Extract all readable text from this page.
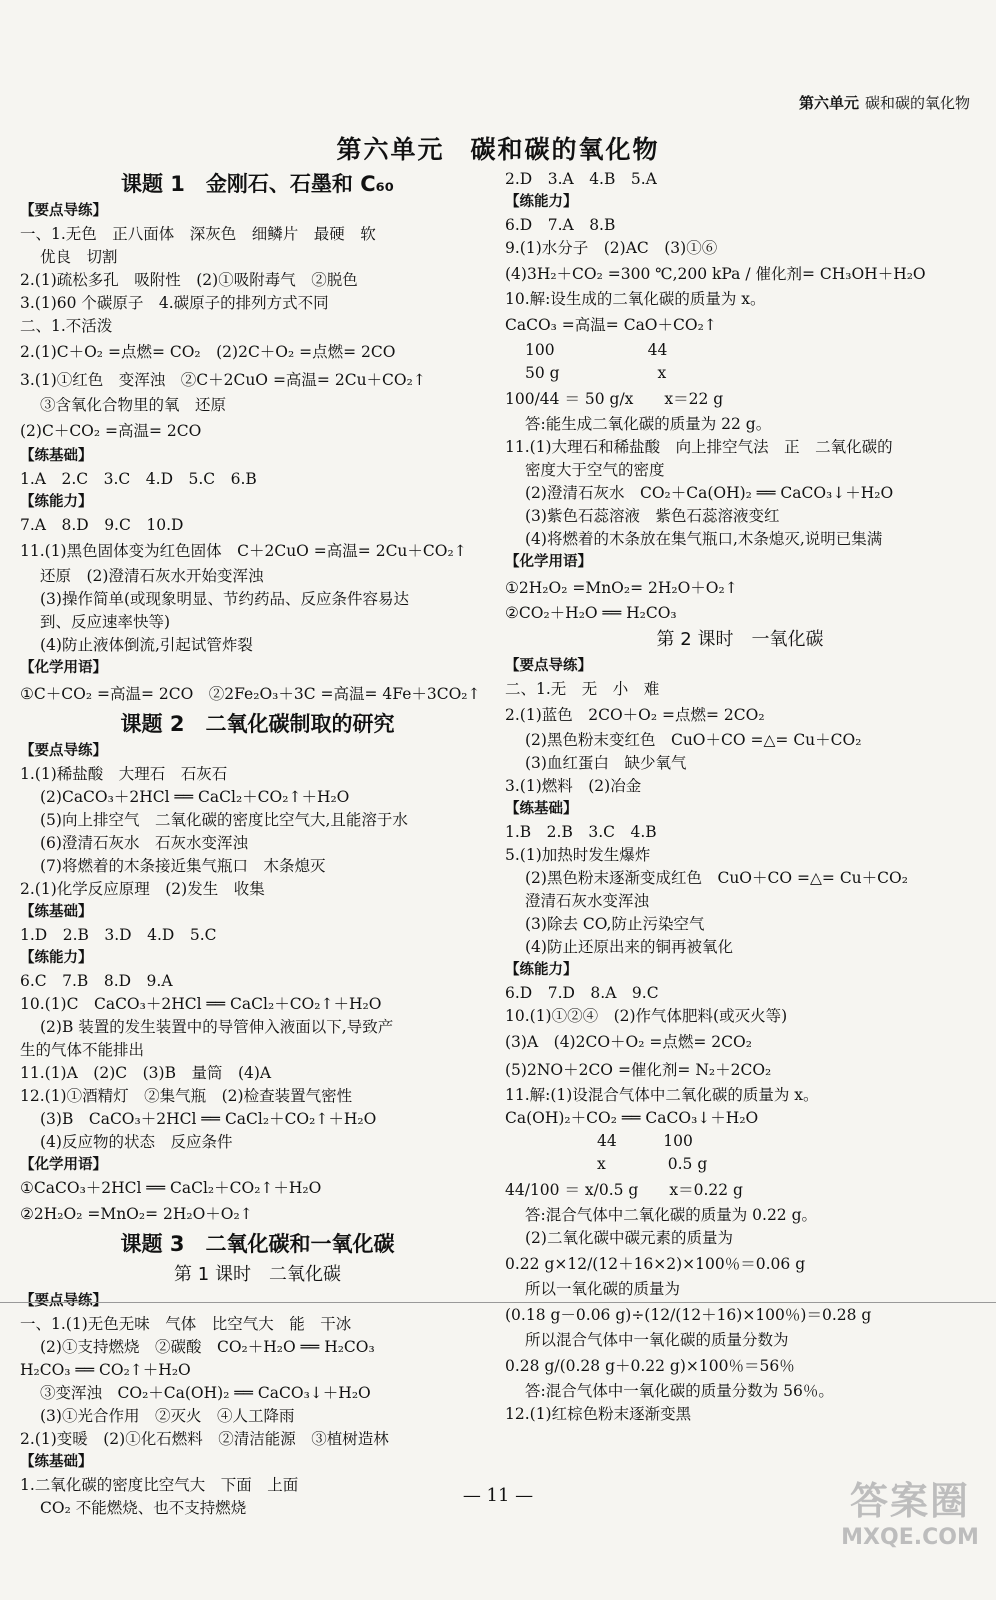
第六单元 碳和碳的氧化物
第六单元 碳和碳的氧化物
课题 1　金刚石、石墨和 C₆₀
【要点导练】
一、1.无色　正八面体　深灰色　细鳞片　最硬　软
优良　切割
2.(1)疏松多孔　吸附性　(2)①吸附毒气　②脱色
3.(1)60 个碳原子　4.碳原子的排列方式不同
二、1.不活泼
2.(1)C＋O₂ =点燃= CO₂　(2)2C＋O₂ =点燃= 2CO
3.(1)①红色　变浑浊　②C＋2CuO =高温= 2Cu＋CO₂↑
③含氧化合物里的氧　还原
(2)C＋CO₂ =高温= 2CO
【练基础】
1.A　2.C　3.C　4.D　5.C　6.B
【练能力】
7.A　8.D　9.C　10.D
11.(1)黑色固体变为红色固体　C＋2CuO =高温= 2Cu＋CO₂↑
还原　(2)澄清石灰水开始变浑浊
(3)操作简单(或现象明显、节约药品、反应条件容易达
到、反应速率快等)
(4)防止液体倒流,引起试管炸裂
【化学用语】
①C＋CO₂ =高温= 2CO　②2Fe₂O₃＋3C =高温= 4Fe＋3CO₂↑
课题 2　二氧化碳制取的研究
【要点导练】
1.(1)稀盐酸　大理石　石灰石
(2)CaCO₃＋2HCl ══ CaCl₂＋CO₂↑＋H₂O
(5)向上排空气　二氧化碳的密度比空气大,且能溶于水
(6)澄清石灰水　石灰水变浑浊
(7)将燃着的木条接近集气瓶口　木条熄灭
2.(1)化学反应原理　(2)发生　收集
【练基础】
1.D　2.B　3.D　4.D　5.C
【练能力】
6.C　7.B　8.D　9.A
10.(1)C　CaCO₃＋2HCl ══ CaCl₂＋CO₂↑＋H₂O
(2)B 装置的发生装置中的导管伸入液面以下,导致产
生的气体不能排出
11.(1)A　(2)C　(3)B　量筒　(4)A
12.(1)①酒精灯　②集气瓶　(2)检查装置气密性
(3)B　CaCO₃＋2HCl ══ CaCl₂＋CO₂↑＋H₂O
(4)反应物的状态　反应条件
【化学用语】
①CaCO₃＋2HCl ══ CaCl₂＋CO₂↑＋H₂O
②2H₂O₂ =MnO₂= 2H₂O＋O₂↑
课题 3　二氧化碳和一氧化碳
第 1 课时　二氧化碳
【要点导练】
一、1.(1)无色无味　气体　比空气大　能　干冰
(2)①支持燃烧　②碳酸　CO₂＋H₂O ══ H₂CO₃
H₂CO₃ ══ CO₂↑＋H₂O
③变浑浊　CO₂＋Ca(OH)₂ ══ CaCO₃↓＋H₂O
(3)①光合作用　②灭火　④人工降雨
2.(1)变暖　(2)①化石燃料　②清洁能源　③植树造林
【练基础】
1.二氧化碳的密度比空气大　下面　上面
CO₂ 不能燃烧、也不支持燃烧
2.D　3.A　4.B　5.A
【练能力】
6.D　7.A　8.B
9.(1)水分子　(2)AC　(3)①⑥
(4)3H₂＋CO₂ =300 ℃,200 kPa / 催化剂= CH₃OH＋H₂O
10.解:设生成的二氧化碳的质量为 x。
CaCO₃ =高温= CaO＋CO₂↑
100　　　　　　44
50 g　　　　　　 x
100/44 ＝ 50 g/x　　x＝22 g
答:能生成二氧化碳的质量为 22 g。
11.(1)大理石和稀盐酸　向上排空气法　正　二氧化碳的
密度大于空气的密度
(2)澄清石灰水　CO₂＋Ca(OH)₂ ══ CaCO₃↓＋H₂O
(3)紫色石蕊溶液　紫色石蕊溶液变红
(4)将燃着的木条放在集气瓶口,木条熄灭,说明已集满
【化学用语】
①2H₂O₂ =MnO₂= 2H₂O＋O₂↑
②CO₂＋H₂O ══ H₂CO₃
第 2 课时　一氧化碳
【要点导练】
二、1.无　无　小　难
2.(1)蓝色　2CO＋O₂ =点燃= 2CO₂
(2)黑色粉末变红色　CuO＋CO =△= Cu＋CO₂
(3)血红蛋白　缺少氧气
3.(1)燃料　(2)冶金
【练基础】
1.B　2.B　3.C　4.B
5.(1)加热时发生爆炸
(2)黑色粉末逐渐变成红色　CuO＋CO =△= Cu＋CO₂
澄清石灰水变浑浊
(3)除去 CO,防止污染空气
(4)防止还原出来的铜再被氧化
【练能力】
6.D　7.D　8.A　9.C
10.(1)①②④　(2)作气体肥料(或灭火等)
(3)A　(4)2CO＋O₂ =点燃= 2CO₂
(5)2NO＋2CO =催化剂= N₂＋2CO₂
11.解:(1)设混合气体中二氧化碳的质量为 x。
Ca(OH)₂＋CO₂ ══ CaCO₃↓＋H₂O
　　　　44　　　100
　　　　x　　　　0.5 g
44/100 ＝ x/0.5 g　　x＝0.22 g
答:混合气体中二氧化碳的质量为 0.22 g。
(2)二氧化碳中碳元素的质量为
0.22 g×12/(12＋16×2)×100％＝0.06 g
所以一氧化碳的质量为
(0.18 g－0.06 g)÷(12/(12＋16)×100％)＝0.28 g
所以混合气体中一氧化碳的质量分数为
0.28 g/(0.28 g＋0.22 g)×100％＝56％
答:混合气体中一氧化碳的质量分数为 56％。
12.(1)红棕色粉末逐渐变黑
— 11 —	答案圈
MXQE.COM
